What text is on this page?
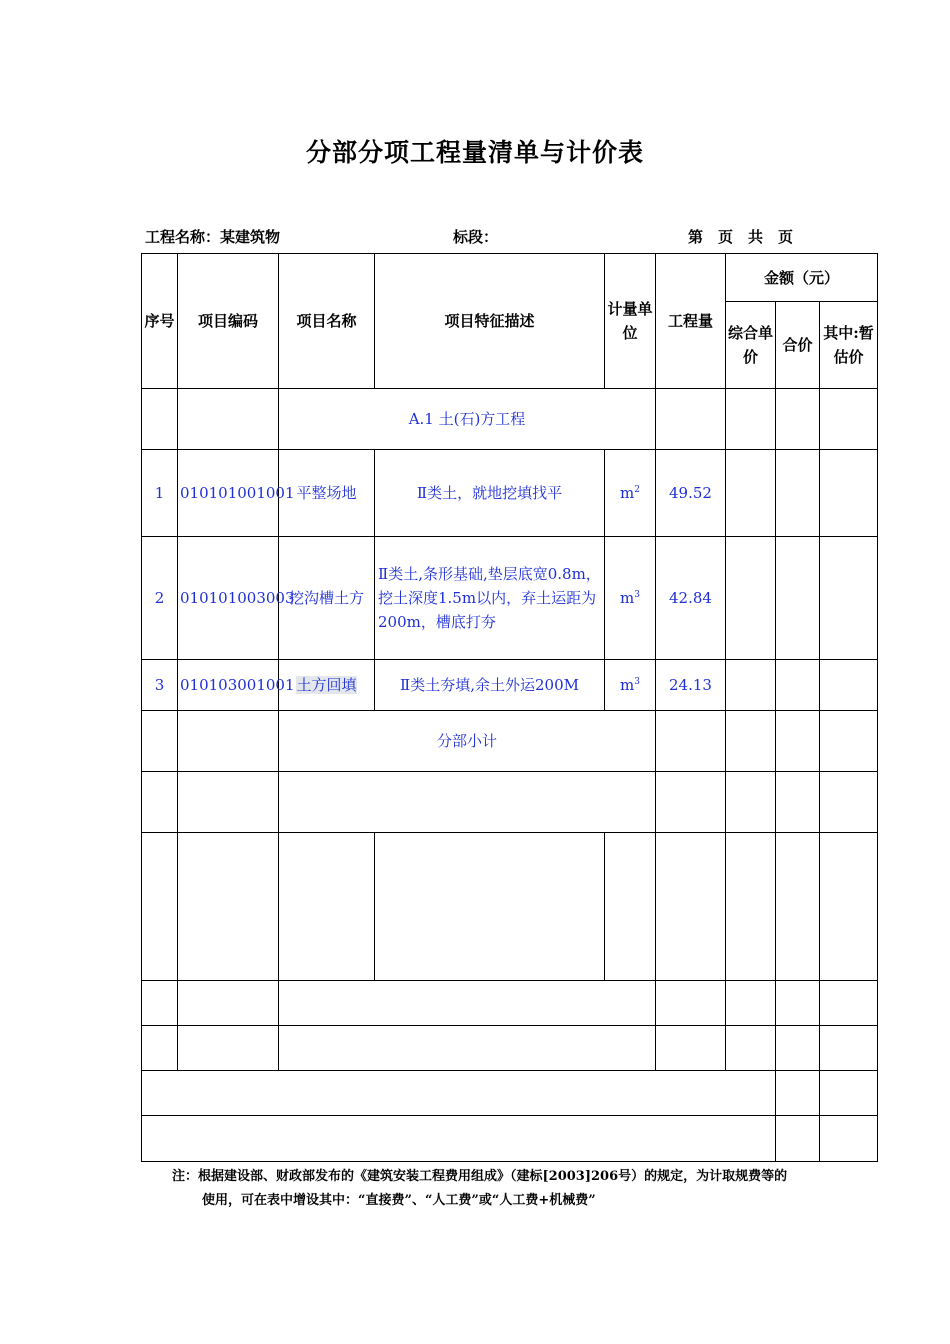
分部分项工程量清单与计价表
工程名称：某建筑物	标段：	第　页　共　页
序号	项目编码	项目名称	项目特征描述	计量单位	工程量	金额（元）		
						综合单价	合价	其中:暂估价
		A.1 土(石)方工程						
1	010101001001	平整场地	Ⅱ类土，就地挖填找平	$m^2$	49.52			
2	010101003003	挖沟槽土方	Ⅱ类土,条形基础,垫层底宽0.8m，挖土深度1.5m以内，弃土运距为200m，槽底打夯	$m^3$	42.84			
3	010103001001	土方回填	Ⅱ类土夯填,余土外运200M	$m^3$	24.13			
		分部小计						

注：根据建设部、财政部发布的《建筑安装工程费用组成》（建标[2003]206号）的规定，为计取规费等的
使用，可在表中增设其中：“直接费”、“人工费”或“人工费+机械费”
